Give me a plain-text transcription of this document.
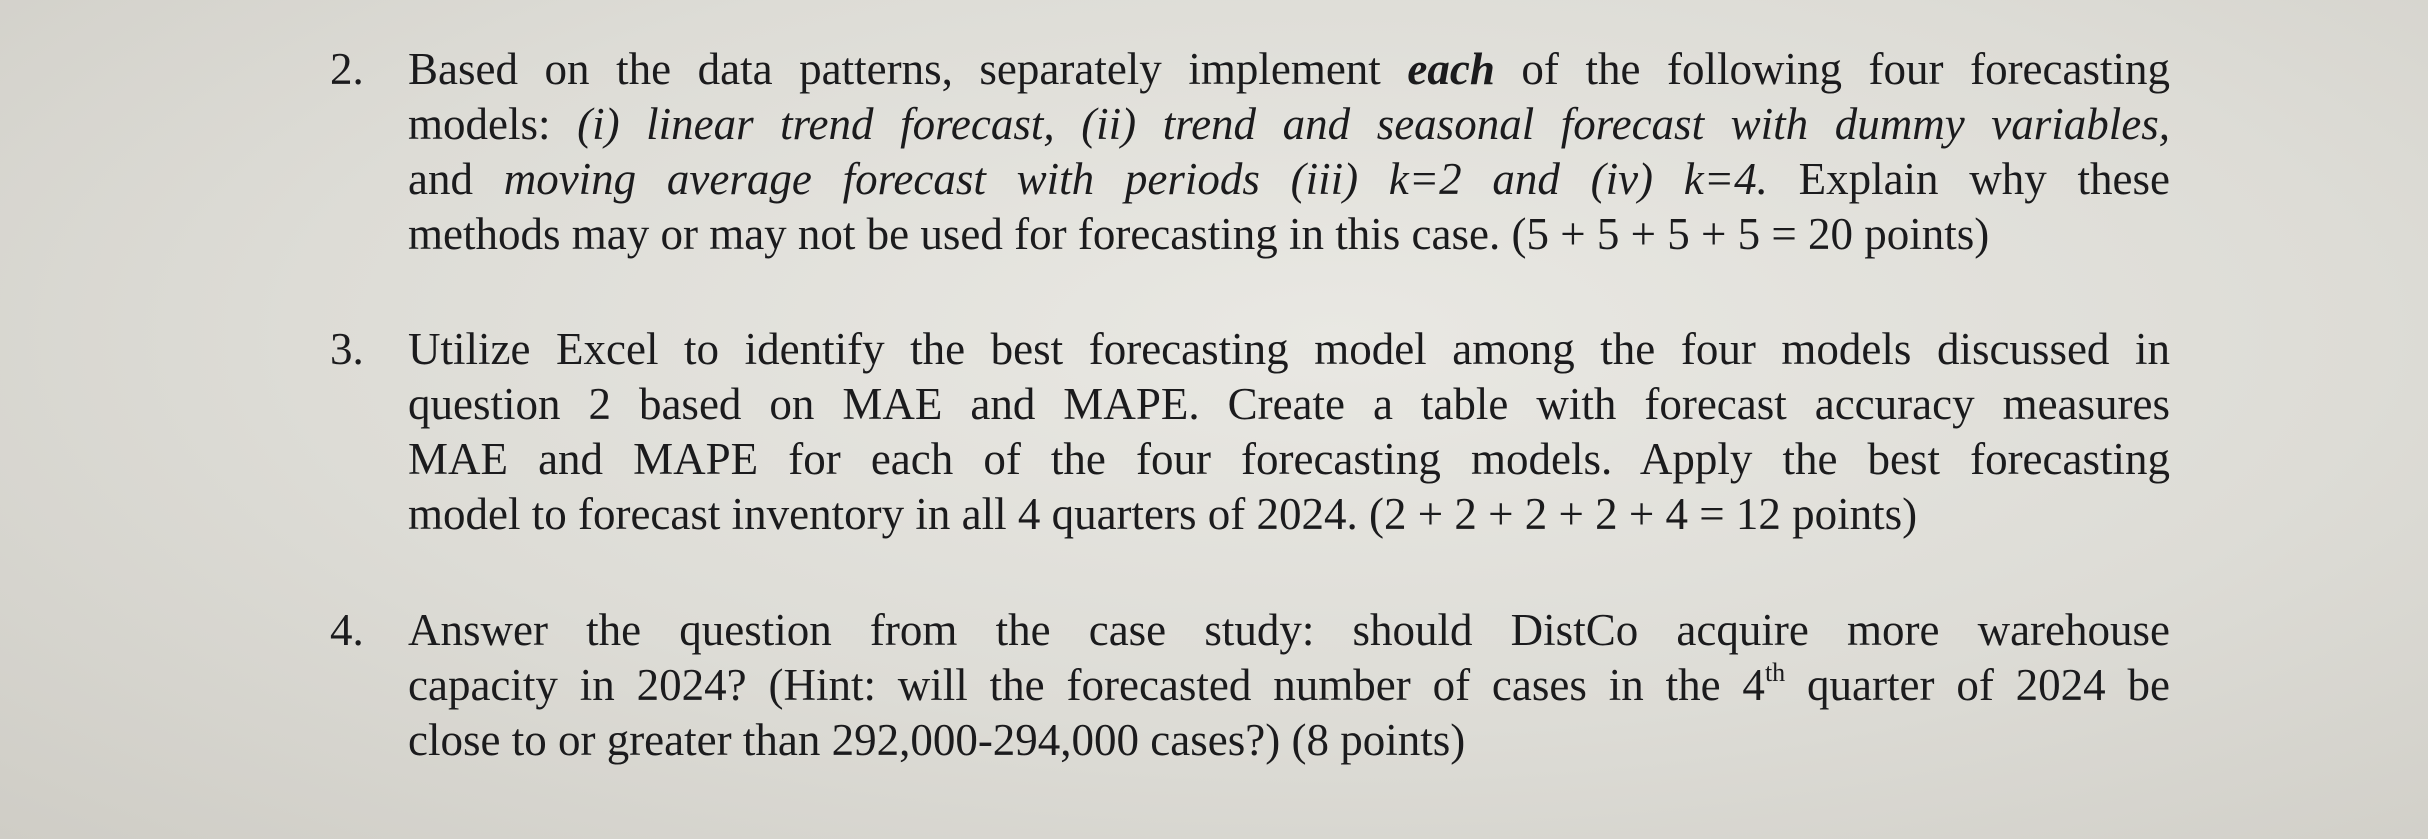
2. Based on the data patterns, separately implement each of the following four forecasting
models: (i) linear trend forecast, (ii) trend and seasonal forecast with dummy variables,
and moving average forecast with periods (iii) k=2 and (iv) k=4. Explain why these
methods may or may not be used for forecasting in this case. (5 + 5 + 5 + 5 = 20 points)
3. Utilize Excel to identify the best forecasting model among the four models discussed in
question 2 based on MAE and MAPE. Create a table with forecast accuracy measures
MAE and MAPE for each of the four forecasting models. Apply the best forecasting
model to forecast inventory in all 4 quarters of 2024. (2 + 2 + 2 + 2 + 4 = 12 points)
4. Answer the question from the case study: should DistCo acquire more warehouse
capacity in 2024? (Hint: will the forecasted number of cases in the 4th quarter of 2024 be
close to or greater than 292,000-294,000 cases?) (8 points)
